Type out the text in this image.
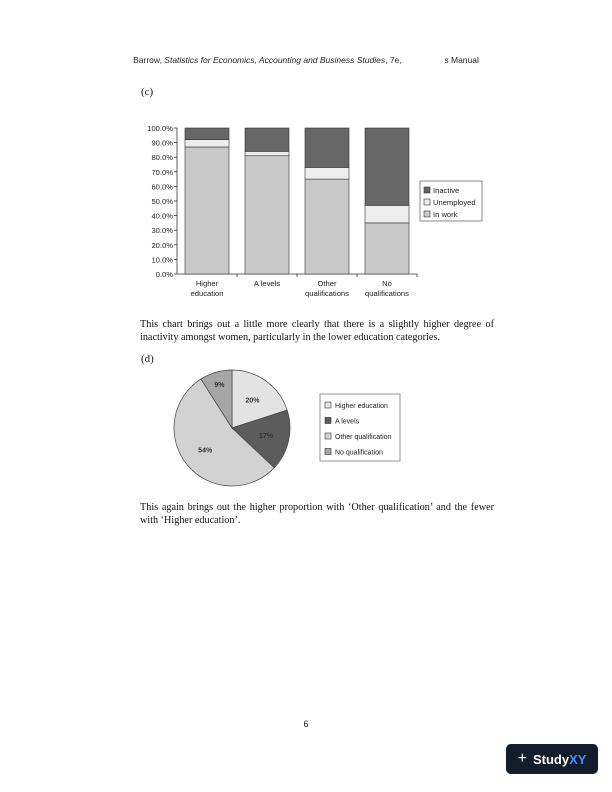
Barrow, Statistics for Economics, Accounting and Business Studies, 7e,	s Manual
(c)
0.0%
10.0%
20.0%
30.0%
40.0%
50.0%
60.0%
70.0%
80.0%
90.0%
100.0%
Higher
education
A levels	Other
qualifications
No
qualifications
Inactive
Unemployed
In work
This chart brings out a little more clearly that there is a slightly higher degree of inactivity amongst women, particularly in the lower education categories.
(d)
20%
17%
54%
9%
Higher education
A levels
Other qualification
No qualification
This again brings out the higher proportion with ‘Other qualification’ and the fewer with ‘Higher education’.
6
+ StudyXY
